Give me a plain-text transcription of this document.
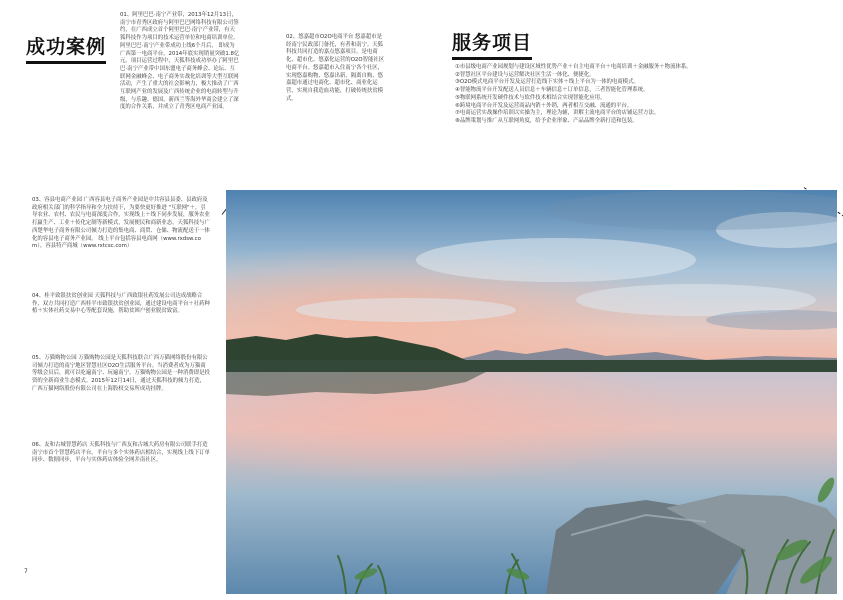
成功案例

01、阿里巴巴·南宁产业带，2013年12月13日，南宁市青秀区政府与阿里巴巴网络科技有限公司签约，在广西成立首个阿里巴巴·南宁产业带，有天狐科技作为项目的技术运营单位和电商培训单位。阿里巴巴·南宁产业带成功上线6个月后， 即成为广西第一电商平台，2014年底实现销量突破1.8亿元。项目运营过程中，天狐科技成功举办了阿里巴巴·南宁产业带中国东盟电子商务峰会、论坛、互联网金融峰会、电子商务实战化培训等大型互联网活动，产生了重大的社会影响力，极大推动了广西互联网产业的发展及广西传统企业的电商转型与升级，与乐趣、德国、新西兰等海外华商会建立了深度的合作关系，并成立了青秀区电商产业园。

02、悠嘉超市O2O电商平台 悠嘉超市是经南宁民政部门备托，有者和南宁。天狐科技共同打造的嘉点悠嘉项目，是电商化、超市化、悠嘉化运营的O2O智能社区电商平台。悠嘉超市入住南宁各个社区，实现悠嘉购物、悠嘉出新、隔离自购、悠嘉超市通过电商化、超市化、商业化运营，实现自我造血功能，打破传统扶贫模式。

03、容县电商产业园 广西容县电子商务产业园是中共容县县委、县政府及政府相关部门的科学指导和全力扶持下，为要快更好推进 "互联网"＋，引导农业、农村、农民与电商深度合作，实现线上＋线下同步发展，服务农业打赢生产、工业＋传化定制等新模式，发展便民和商新业态，天狐科技与广西楚华电子商务有限公司倾力打造的集电商、商贸、仓储、物流配送于一体化的容县电子商务产业园。 线上平台包括容县电商网（www.rxdsw.com），容县特产商城（www.rxtcsc.com）

04、桂平致银扶贫创业园 天狐科技与广西致银社药发展公司达成战略合作，双方共同打造广西桂平市致银扶贫创业园，通过建设电商平台＋社药种植＋实体社药交易中心等配套设施，帮助贫困户创业脱贫致富。

05、万猫购物公园 万猫购物公园是天狐科技联合广西万猫网络股份有限公司倾力打造的南宁地区智慧社区O2O生活服务平台。当消费者成为万猫商等级会员后，就可以吃遍南宁、玩遍南宁。万猫购物公园是一种消费即是投资的全新商业生态模式。2015年12月14日，通过天狐科技的倾力打造，广西万猫网络股份有限公司在上海股权交易所成功挂牌。

06、友和古城智慧药店 天狐科技与广西友和古城大药房有限公司联手打造南宁市首个智慧药店平台，平台与多个实体药店相结合，实现线上线下订单同步、数据同步，平台与实体药店体验全网并南社区。

7
服务项目
①市县级电商产业园规划与建设区域性优势产业＋自主电商平台＋电商培训＋金融服务＋物流体系。
②智慧社区平台建设与运营解决社区生活一体化、便捷化。
③O2O模式电商平台开发及运营打造线下实体＋线上平台为一体的电商模式。
④智能物流平台开发配送人员信息＋车辆信息＋订单信息，三者智能化管理系统。
⑤物联网系统开发硬件技术与软件技术相结合实现智能化应用。
⑥跨境电商平台开发及运营商品内销＋外销，两者相互交融、流通的平台。
⑦电商运营实战操作培训以实操为主，理论为辅，讲解主流电商平台的店铺运营方法。
⑧品牌策划与推广从互联网角度，给予企业形象、产品品牌全新打造和包装。
